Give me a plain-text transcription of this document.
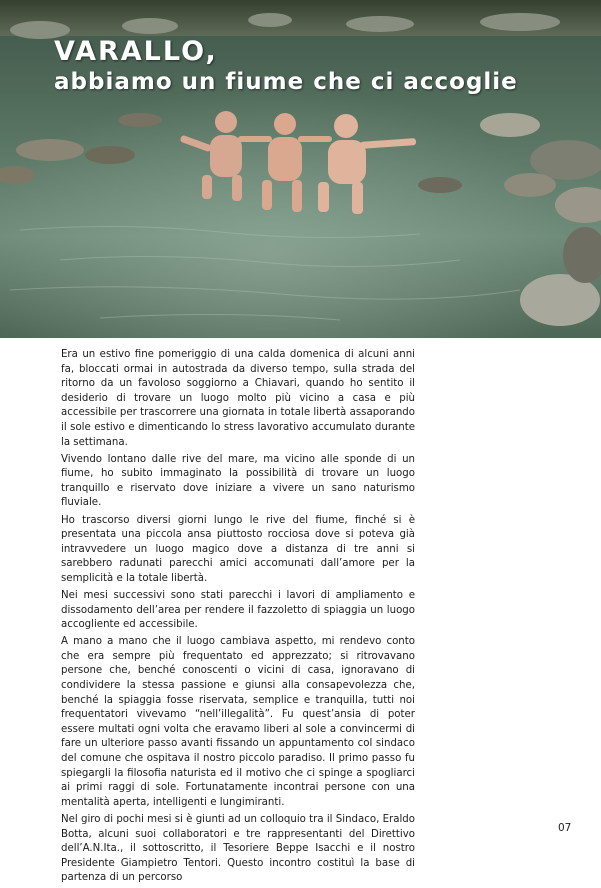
VARALLO,
abbiamo un fiume che ci accoglie

Era un estivo fine pomeriggio di una calda domenica di alcuni anni fa, bloccati ormai in autostrada da diverso tempo, sulla strada del ritorno da un favoloso soggiorno a Chiavari, quando ho sentito il desiderio di trovare un luogo molto più vicino a casa e più accessibile per trascorrere una giornata in totale libertà assaporando il sole estivo e dimenticando lo stress lavorativo accumulato durante la settimana.

Vivendo lontano dalle rive del mare, ma vicino alle sponde di un fiume, ho subito immaginato la possibilità di trovare un luogo tranquillo e riservato dove iniziare a vivere un sano naturismo fluviale.

Ho trascorso diversi giorni lungo le rive del fiume, finché si è presentata una piccola ansa piuttosto rocciosa dove si poteva già intravvedere un luogo magico dove a distanza di tre anni si sarebbero radunati parecchi amici accomunati dall’amore per la semplicità e la totale libertà.

Nei mesi successivi sono stati parecchi i lavori di ampliamento e dissodamento dell’area per rendere il fazzoletto di spiaggia un luogo accogliente ed accessibile.

A mano a mano che il luogo cambiava aspetto, mi rendevo conto che era sempre più frequentato ed apprezzato; si ritrovavano persone che, benché conoscenti o vicini di casa, ignoravano di condividere la stessa passione e giunsi alla consapevolezza che, benché la spiaggia fosse riservata, semplice e tranquilla, tutti noi frequentatori vivevamo “nell’illegalità”. Fu quest’ansia di poter essere multati ogni volta che eravamo liberi al sole a convincermi di fare un ulteriore passo avanti fissando un appuntamento col sindaco del comune che ospitava il nostro piccolo paradiso. Il primo passo fu spiegargli la filosofia naturista ed il motivo che ci spinge a spogliarci ai primi raggi di sole. Fortunatamente incontrai persone con una mentalità aperta, intelligenti e lungimiranti.

Nel giro di pochi mesi si è giunti ad un colloquio tra il Sindaco, Eraldo Botta, alcuni suoi collaboratori e tre rappresentanti del Direttivo dell’A.N.Ita., il sottoscritto, il Tesoriere Beppe Isacchi e il nostro Presidente Giampietro Tentori. Questo incontro costituì la base di partenza di un percorso

07
